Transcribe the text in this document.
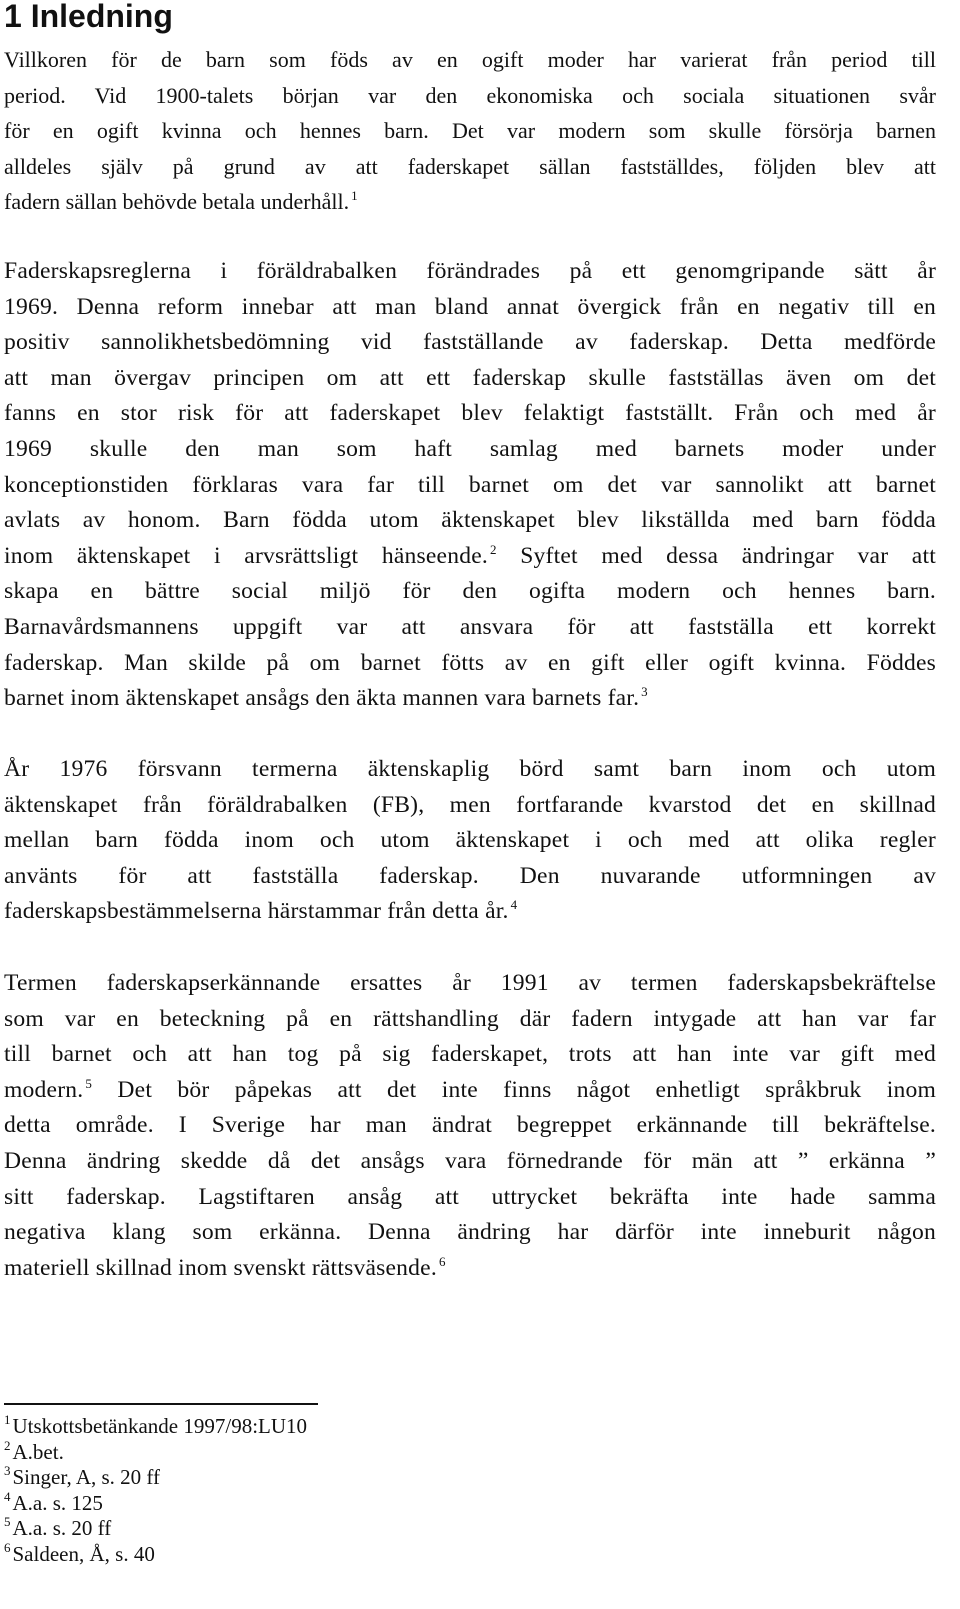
1 Inledning
Villkoren för de barn som föds av en ogift moder har varierat från period till
period. Vid 1900-talets början var den ekonomiska och sociala situationen svår
för en ogift kvinna och hennes barn. Det var modern som skulle försörja barnen
alldeles själv på grund av att faderskapet sällan fastställdes, följden blev att
fadern sällan behövde betala underhåll. $^1$
Faderskapsreglerna i föräldrabalken förändrades på ett genomgripande sätt år
1969. Denna reform innebar att man bland annat övergick från en negativ till en
positiv sannolikhetsbedömning vid fastställande av faderskap. Detta medförde
att man övergav principen om att ett faderskap skulle fastställas även om det
fanns en stor risk för att faderskapet blev felaktigt fastställt. Från och med år
1969 skulle den man som haft samlag med barnets moder under
konceptionstiden förklaras vara far till barnet om det var sannolikt att barnet
avlats av honom. Barn födda utom äktenskapet blev likställda med barn födda
inom äktenskapet i arvsrättsligt hänseende. $^2$ Syftet med dessa ändringar var att
skapa en bättre social miljö för den ogifta modern och hennes barn.
Barnavårdsmannens uppgift var att ansvara för att fastställa ett korrekt
faderskap. Man skilde på om barnet fötts av en gift eller ogift kvinna. Föddes
barnet inom äktenskapet ansågs den äkta mannen vara barnets far. $^3$
År 1976 försvann termerna äktenskaplig börd samt barn inom och utom
äktenskapet från föräldrabalken (FB), men fortfarande kvarstod det en skillnad
mellan barn födda inom och utom äktenskapet i och med att olika regler
använts för att fastställa faderskap. Den nuvarande utformningen av
faderskapsbestämmelserna härstammar från detta år. $^4$
Termen faderskapserkännande ersattes år 1991 av termen faderskapsbekräftelse
som var en beteckning på en rättshandling där fadern intygade att han var far
till barnet och att han tog på sig faderskapet, trots att han inte var gift med
modern. $^5$ Det bör påpekas att det inte finns något enhetligt språkbruk inom
detta område. I Sverige har man ändrat begreppet erkännande till bekräftelse.
Denna ändring skedde då det ansågs vara förnedrande för män att ” erkänna ”
sitt faderskap. Lagstiftaren ansåg att uttrycket bekräfta inte hade samma
negativa klang som erkänna. Denna ändring har därför inte inneburit någon
materiell skillnad inom svenskt rättsväsende. $^6$
$^1$Utskottsbetänkande 1997/98:LU10
$^2$A.bet.
$^3$Singer, A, s. 20 ff
$^4$A.a. s. 125
$^5$A.a. s. 20 ff
$^6$Saldeen, Å, s. 40
